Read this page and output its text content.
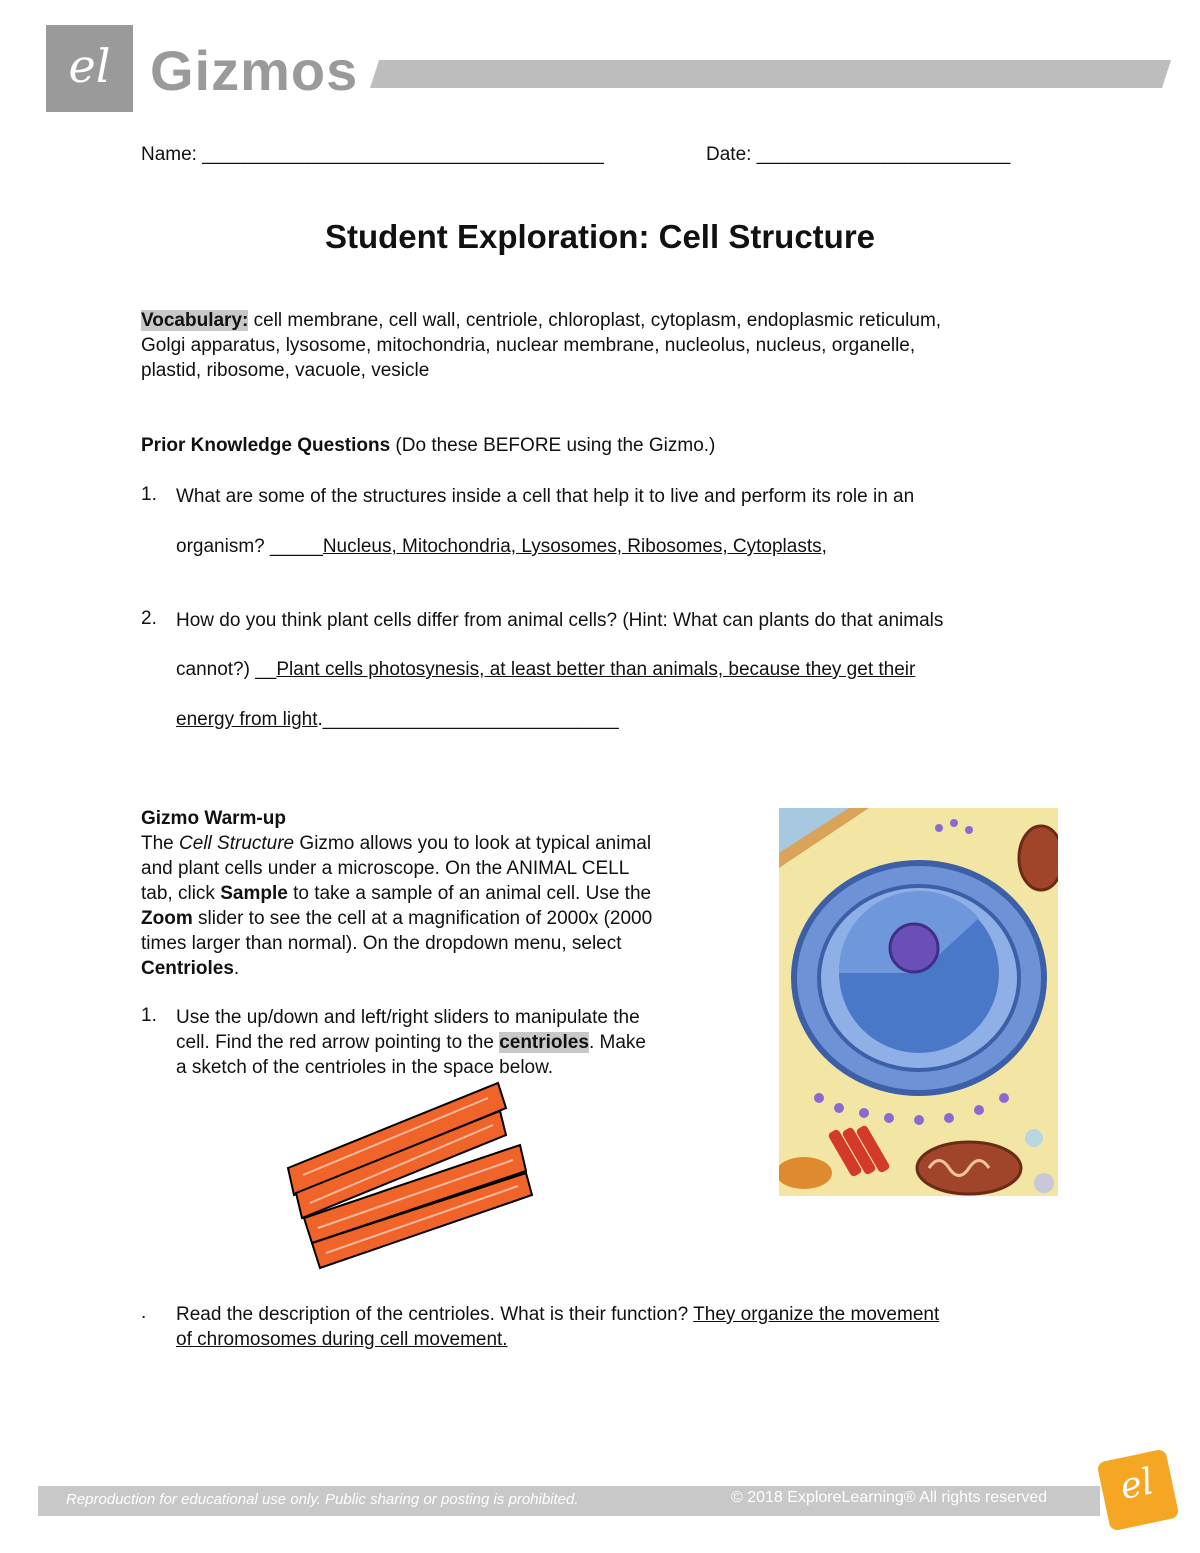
el Gizmos
Name: ______________________________________	Date: ________________________
Student Exploration: Cell Structure
Vocabulary: cell membrane, cell wall, centriole, chloroplast, cytoplasm, endoplasmic reticulum,
Golgi apparatus, lysosome, mitochondria, nuclear membrane, nucleolus, nucleus, organelle,
plastid, ribosome, vacuole, vesicle
Prior Knowledge Questions (Do these BEFORE using the Gizmo.)
1. What are some of the structures inside a cell that help it to live and perform its role in an
organism? _____Nucleus, Mitochondria, Lysosomes, Ribosomes, Cytoplasts,
2. How do you think plant cells differ from animal cells? (Hint: What can plants do that animals
cannot?) __Plant cells photosynesis, at least better than animals, because they get their
energy from light.____________________________
Gizmo Warm-up
The Cell Structure Gizmo allows you to look at typical animal
and plant cells under a microscope. On the ANIMAL CELL
tab, click Sample to take a sample of an animal cell. Use the
Zoom slider to see the cell at a magnification of 2000x (2000
times larger than normal). On the dropdown menu, select
Centrioles.
1. Use the up/down and left/right sliders to manipulate the
cell. Find the red arrow pointing to the centrioles. Make
a sketch of the centrioles in the space below.
. Read the description of the centrioles. What is their function? They organize the movement
of chromosomes during cell movement.
Reproduction for educational use only. Public sharing or posting is prohibited.	© 2018 ExploreLearning® All rights reserved	el
